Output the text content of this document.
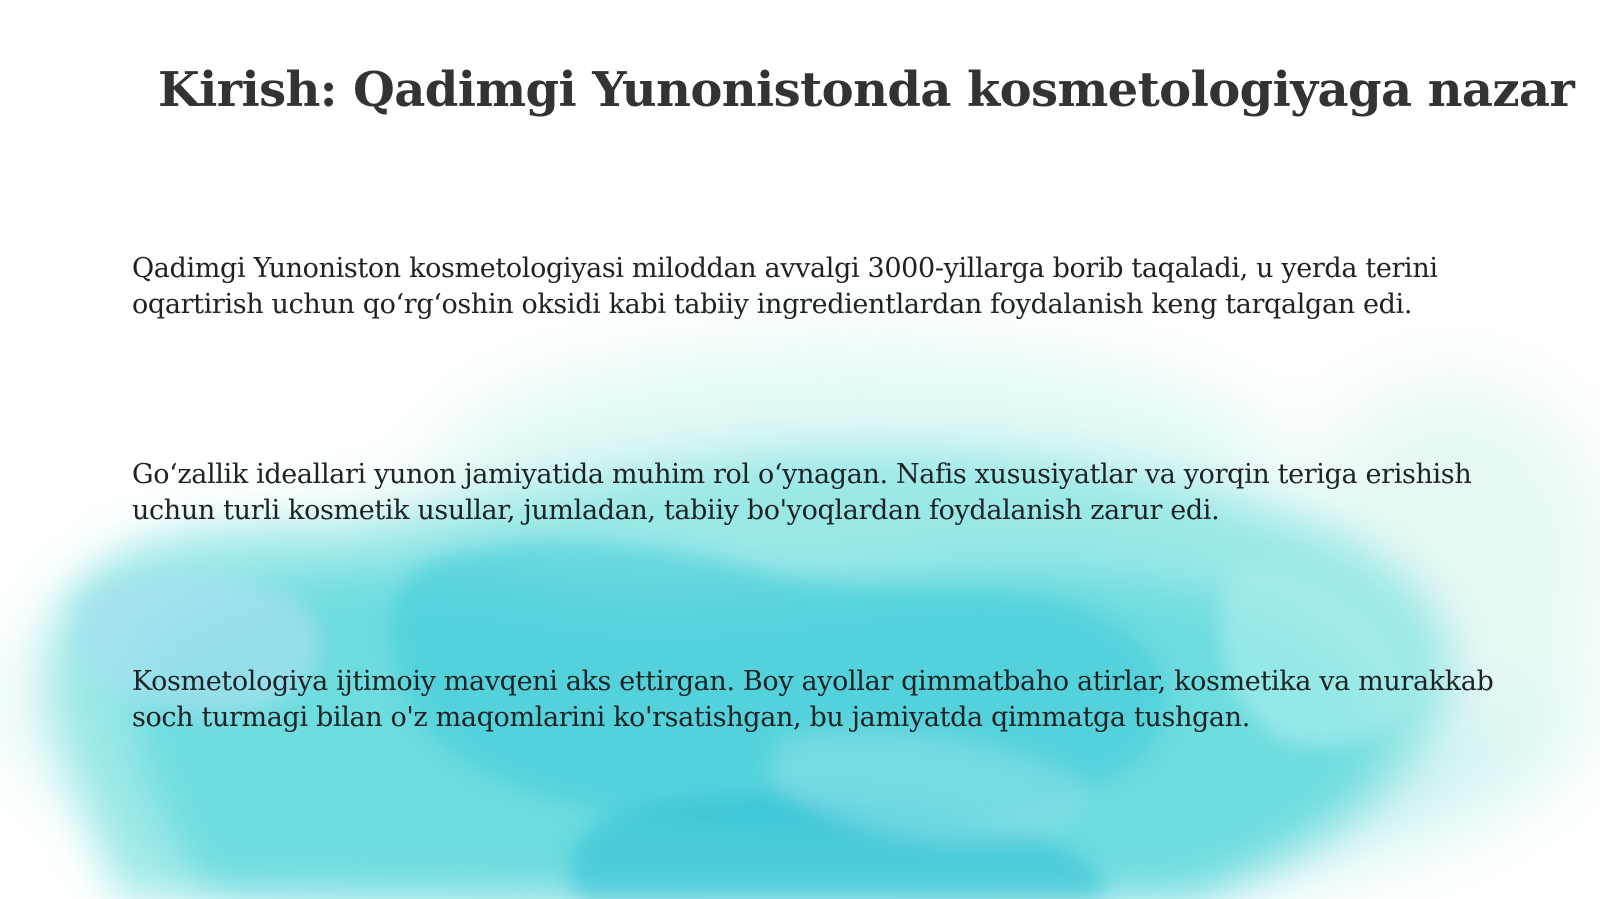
Kirish: Qadimgi Yunonistonda kosmetologiyaga nazar
Qadimgi Yunoniston kosmetologiyasi miloddan avvalgi 3000-yillarga borib taqaladi, u yerda terini oqartirish uchun qo‘rg‘oshin oksidi kabi tabiiy ingredientlardan foydalanish keng tarqalgan edi.
Go‘zallik ideallari yunon jamiyatida muhim rol o‘ynagan. Nafis xususiyatlar va yorqin teriga erishish uchun turli kosmetik usullar, jumladan, tabiiy bo'yoqlardan foydalanish zarur edi.
Kosmetologiya ijtimoiy mavqeni aks ettirgan. Boy ayollar qimmatbaho atirlar, kosmetika va murakkab soch turmagi bilan o'z maqomlarini ko'rsatishgan, bu jamiyatda qimmatga tushgan.
